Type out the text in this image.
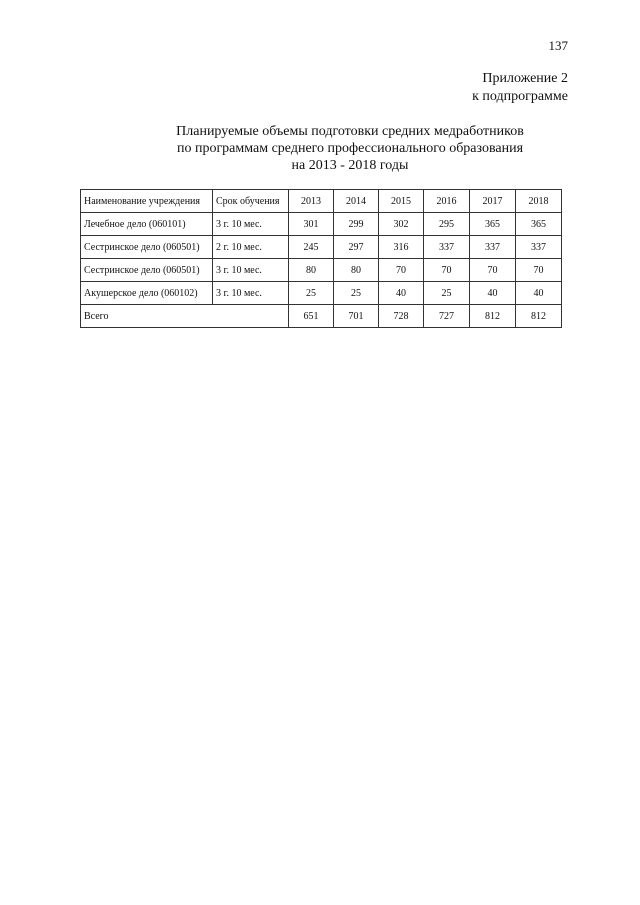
137
Приложение 2
к подпрограмме
Планируемые объемы подготовки средних медработников
по программам среднего профессионального образования
на 2013 - 2018 годы
Наименование учреждения	Срок обучения	2013	2014	2015	2016	2017	2018
Лечебное дело (060101)	3 г. 10 мес.	301	299	302	295	365	365
Сестринское дело (060501)	2 г. 10 мес.	245	297	316	337	337	337
Сестринское дело (060501)	3 г. 10 мес.	80	80	70	70	70	70
Акушерское дело (060102)	3 г. 10 мес.	25	25	40	25	40	40
Всего		651	701	728	727	812	812
